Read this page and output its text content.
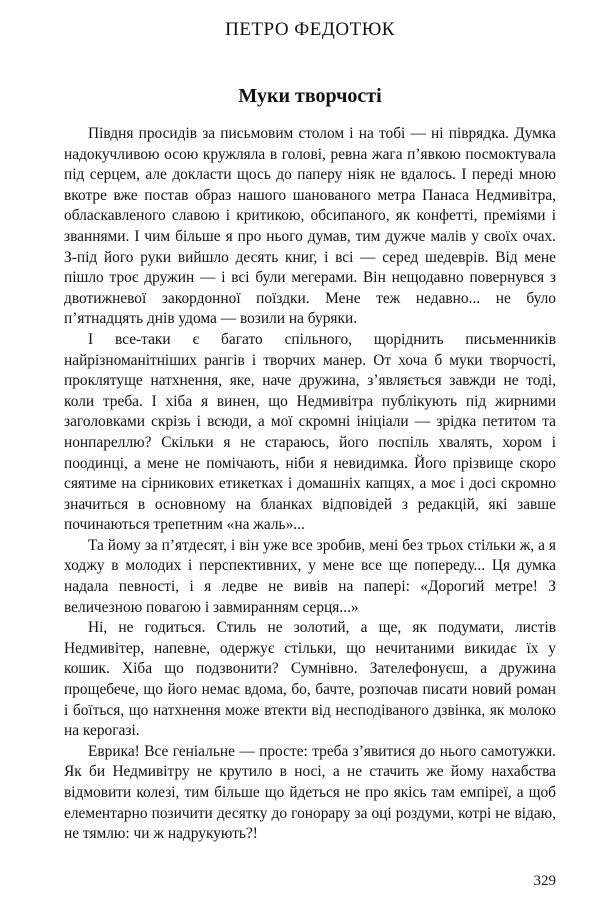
ПЕТРО ФЕДОТЮК
Муки творчості

Півдня просидів за письмовим столом і на тобі — ні піврядка. Думка надокучливою осою кружляла в голові, ревна жага п’явкою посмоктувала під серцем, але докласти щось до паперу ніяк не вдалось. І переді мною вкотре вже постав образ нашого шанованого метра Панаса Недмивітра, обласкавленого славою і критикою, обсипаного, як конфетті, преміями і званнями. І чим більше я про нього думав, тим дужче малів у своїх очах. З-під його руки вийшло десять книг, і всі — серед шедеврів. Від мене пішло троє дружин — і всі були мегерами. Він нещодавно повернувся з двотижневої закордонної поїздки. Мене теж недавно... не було п’ятнадцять днів удома — возили на буряки.

І все-таки є багато спільного, щоріднить письменників найрізноманітніших рангів і творчих манер. От хоча б муки творчості, проклятуще натхнення, яке, наче дружина, з’являється завжди не тоді, коли треба. І хіба я винен, що Недмивітра публікують під жирними заголовками скрізь і всюди, а мої скромні ініціали — зрідка петитом та нонпареллю? Скільки я не стараюсь, його поспіль хвалять, хором і поодинці, а мене не помічають, ніби я невидимка. Його прізвище скоро сяятиме на сірникових етикетках і домашніх капцях, а моє і досі скромно значиться в основному на бланках відповідей з редакцій, які завше починаються трепетним «на жаль»...

Та йому за п’ятдесят, і він уже все зробив, мені без трьох стільки ж, а я ходжу в молодих і перспективних, у мене все ще попереду... Ця думка надала певності, і я ледве не вивів на папері: «Дорогий метре! З величезною повагою і завмиранням серця...»

Ні, не годиться. Стиль не золотий, а ще, як подумати, листів Недмивітер, напевне, одержує стільки, що нечитаними викидає їх у кошик. Хіба що подзвонити? Сумнівно. Зателефонуєш, а дружина прощебече, що його немає вдома, бо, бачте, розпочав писати новий роман і боїться, що натхнення може втекти від несподіваного дзвінка, як молоко на керогазі.

Еврика! Все геніальне — просте: треба з’явитися до нього самотужки. Як би Недмивітру не крутило в носі, а не стачить же йому нахабства відмовити колезі, тим більше що йдеться не про якісь там емпіреї, а щоб елементарно позичити десятку до гонорару за оці роздуми, котрі не відаю, не тямлю: чи ж надрукують?!

329
